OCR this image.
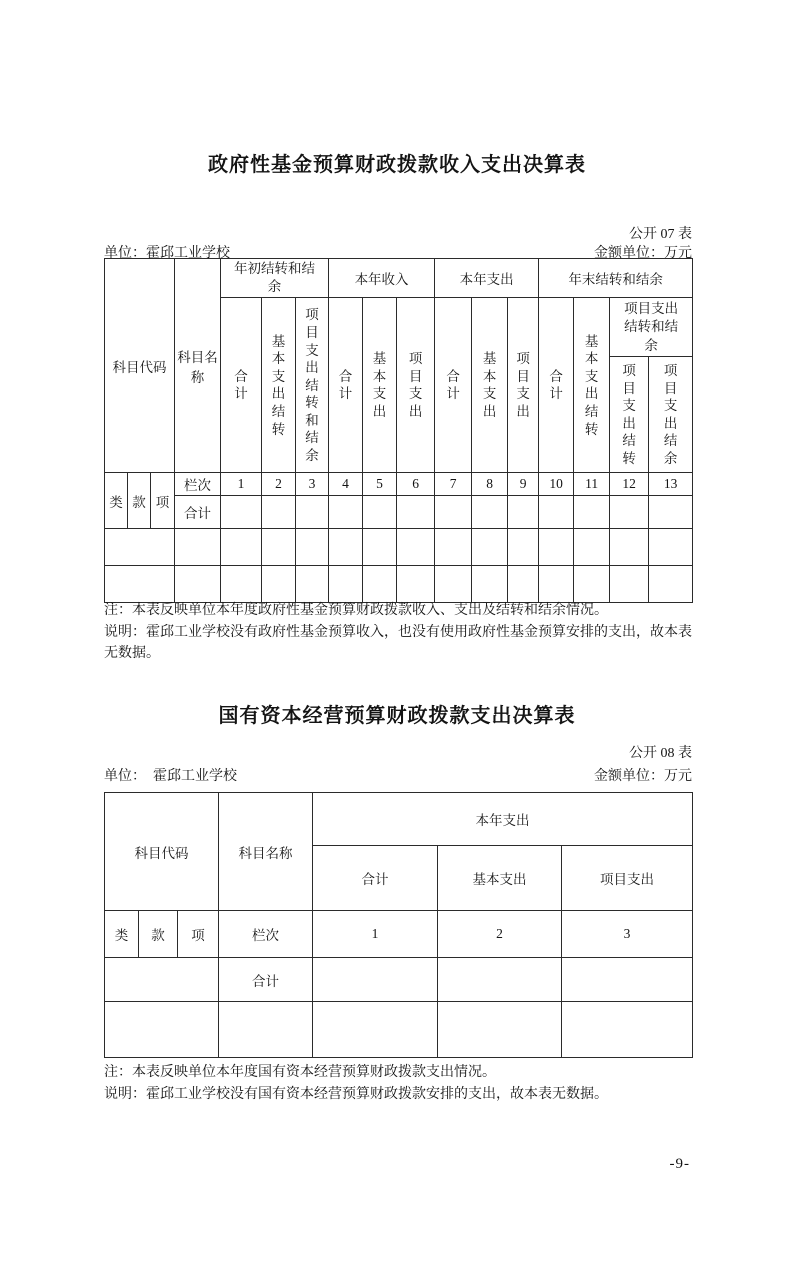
政府性基金预算财政拨款收入支出决算表
公开 07 表
单位：霍邱工业学校	金额单位：万元
科目代码			科目名称	年初结转和结余			本年收入			本年支出			年末结转和结余			

				合计	基本支出结转	项目支出结转和结余	合计	基本支出	项目支出	合计	基本支出	项目支出	合计	基本支出结转	项目支出结转和结余	

															项目支出结转	项目支出结余

类	款	项	栏次	1	2	3	4	5	6	7	8	9	10	11	12	13
			合计													

注：本表反映单位本年度政府性基金预算财政拨款收入、支出及结转和结余情况。
说明：霍邱工业学校没有政府性基金预算收入，也没有使用政府性基金预算安排的支出，故本表无数据。
国有资本经营预算财政拨款支出决算表
公开 08 表
单位：  霍邱工业学校	金额单位：万元
科目代码			科目名称	本年支出		
				合计	基本支出	项目支出
类	款	项	栏次	1	2	3
			合计			

注：本表反映单位本年度国有资本经营预算财政拨款支出情况。
说明：霍邱工业学校没有国有资本经营预算财政拨款安排的支出，故本表无数据。
-9-
